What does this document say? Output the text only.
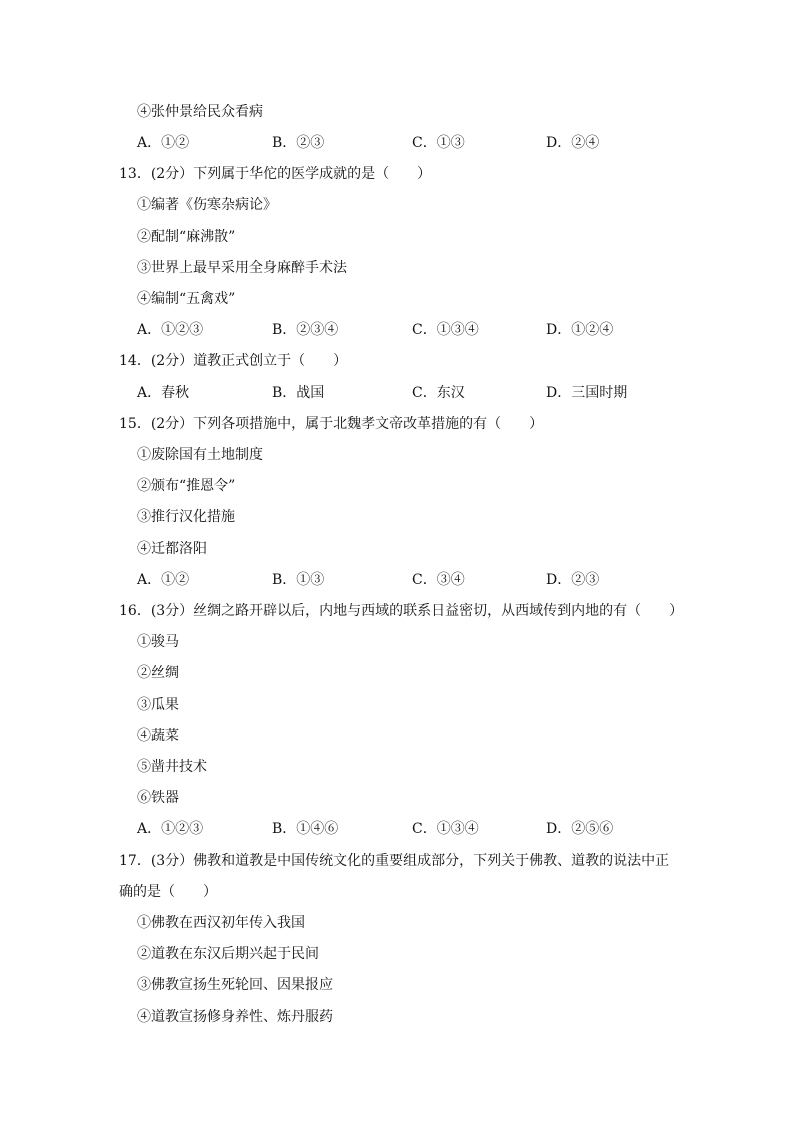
④张仲景给民众看病
A．①②	B．②③	C．①③	D．②④
13．(2分）下列属于华佗的医学成就的是（　　）
①编著《伤寒杂病论》
②配制“麻沸散”
③世界上最早采用全身麻醉手术法
④编制“五禽戏”
A．①②③	B．②③④	C．①③④	D．①②④
14．(2分）道教正式创立于（　　）
A．春秋	B．战国	C．东汉	D．三国时期
15．(2分）下列各项措施中，属于北魏孝文帝改革措施的有（　　）
①废除国有土地制度
②颁布“推恩令”
③推行汉化措施
④迁都洛阳
A．①②	B．①③	C．③④	D．②③
16．(3分）丝绸之路开辟以后，内地与西域的联系日益密切，从西域传到内地的有（　　）
①骏马
②丝绸
③瓜果
④蔬菜
⑤凿井技术
⑥铁器
A．①②③	B．①④⑥	C．①③④	D．②⑤⑥
17．(3分）佛教和道教是中国传统文化的重要组成部分，下列关于佛教、道教的说法中正
确的是（　　）
①佛教在西汉初年传入我国
③佛教宣扬生死轮回、因果报应
②道教在东汉后期兴起于民间
④道教宣扬修身养性、炼丹服药
